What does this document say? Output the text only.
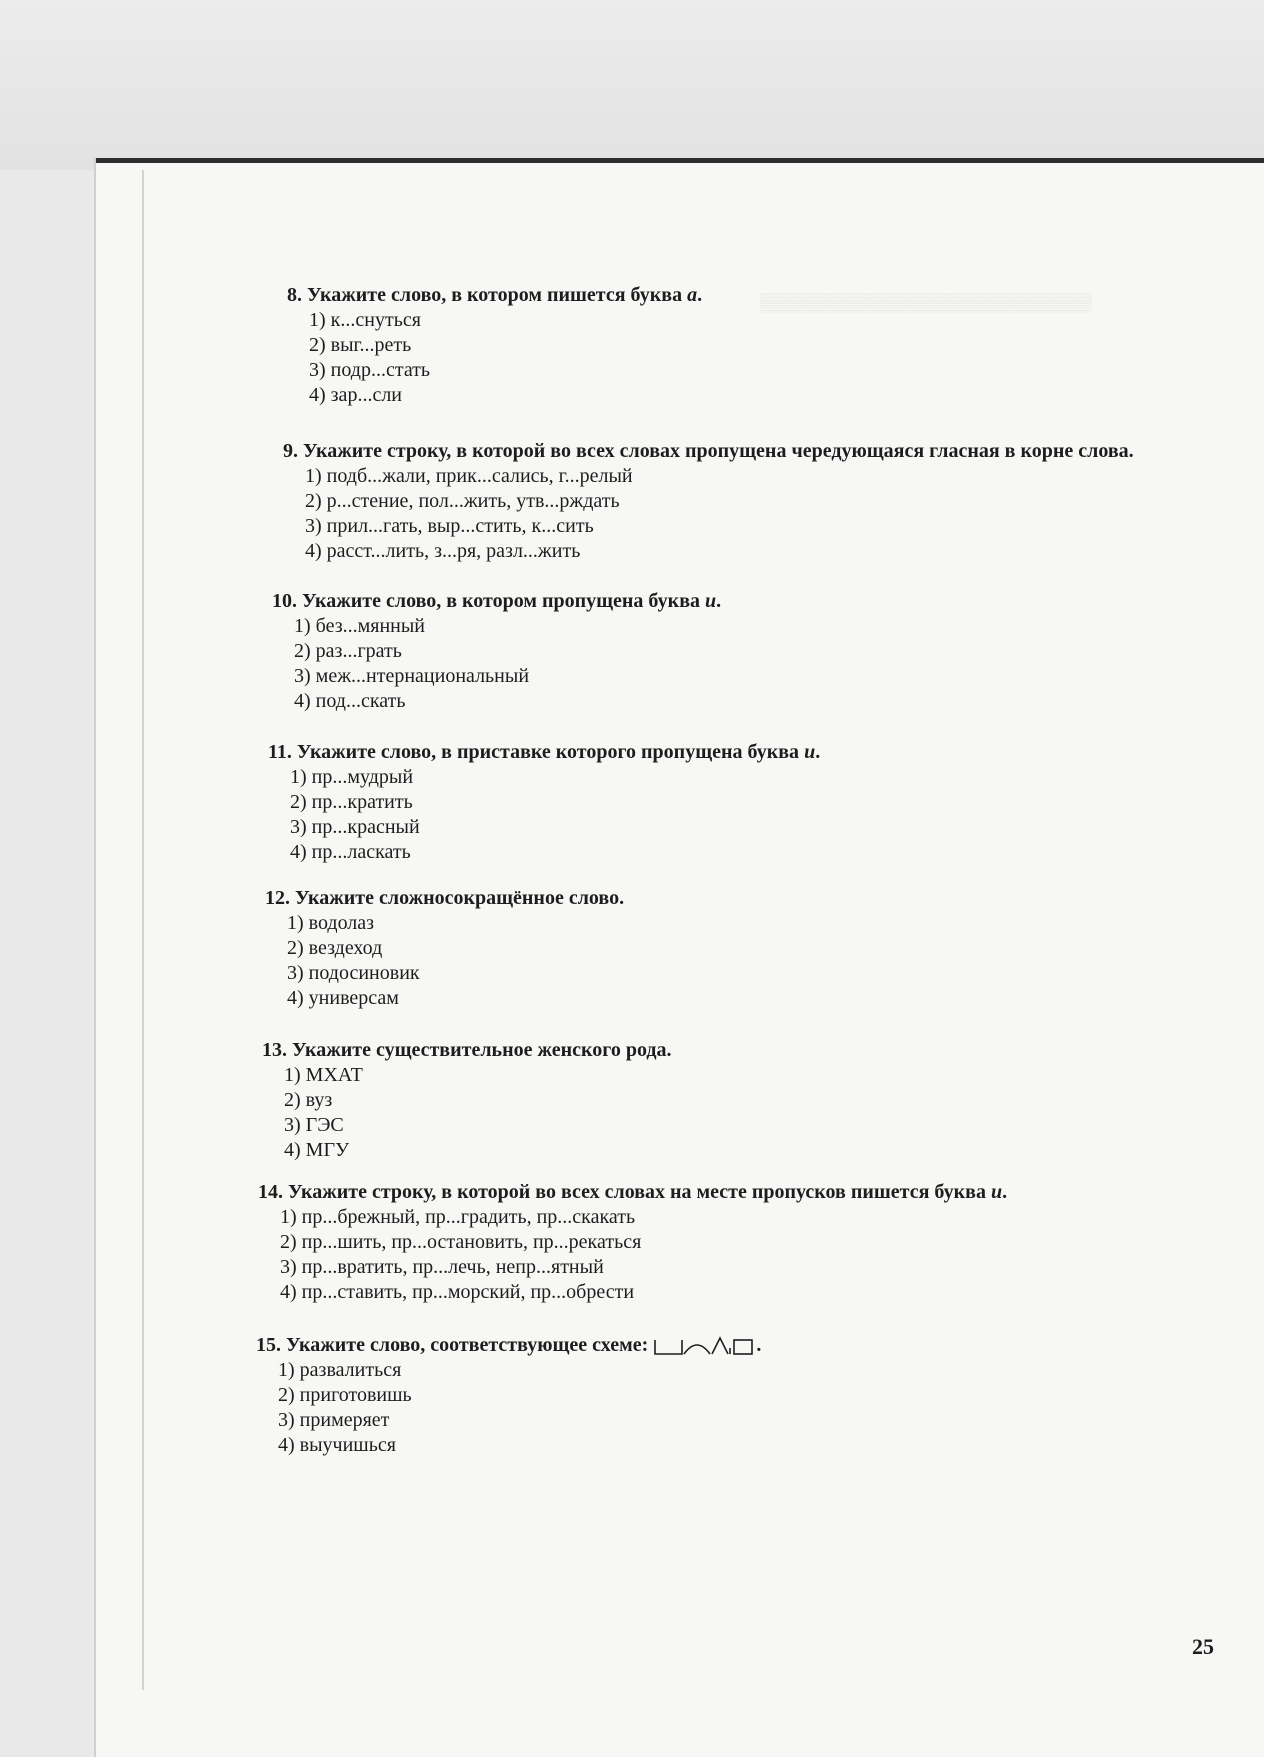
▒▒▒▒▒▒▒▒▒▒▒▒▒▒▒▒▒▒▒▒▒▒▒▒▒▒
8. Укажите слово, в котором пишется буква а.
1) к...снуться
2) выг...реть
3) подр...стать
4) зар...сли
9. Укажите строку, в которой во всех словах пропущена чередующаяся гласная в корне слова.
1) подб...жали, прик...сались, г...релый
2) р...стение, пол...жить, утв...рждать
3) прил...гать, выр...стить, к...сить
4) расст...лить, з...ря, разл...жить
10. Укажите слово, в котором пропущена буква и.
1) без...мянный
2) раз...грать
3) меж...нтернациональный
4) под...скать
11. Укажите слово, в приставке которого пропущена буква и.
1) пр...мудрый
2) пр...кратить
3) пр...красный
4) пр...ласкать
12. Укажите сложносокращённое слово.
1) водолаз
2) вездеход
3) подосиновик
4) универсам
13. Укажите существительное женского рода.
1) МХАТ
2) вуз
3) ГЭС
4) МГУ
14. Укажите строку, в которой во всех словах на месте пропусков пишется буква и.
1) пр...брежный, пр...градить, пр...скакать
2) пр...шить, пр...остановить, пр...рекаться
3) пр...вратить, пр...лечь, непр...ятный
4) пр...ставить, пр...морский, пр...обрести
15. Укажите слово, соответствующее схеме:	.
1) развалиться
2) приготовишь
3) примеряет
4) выучишься
25
